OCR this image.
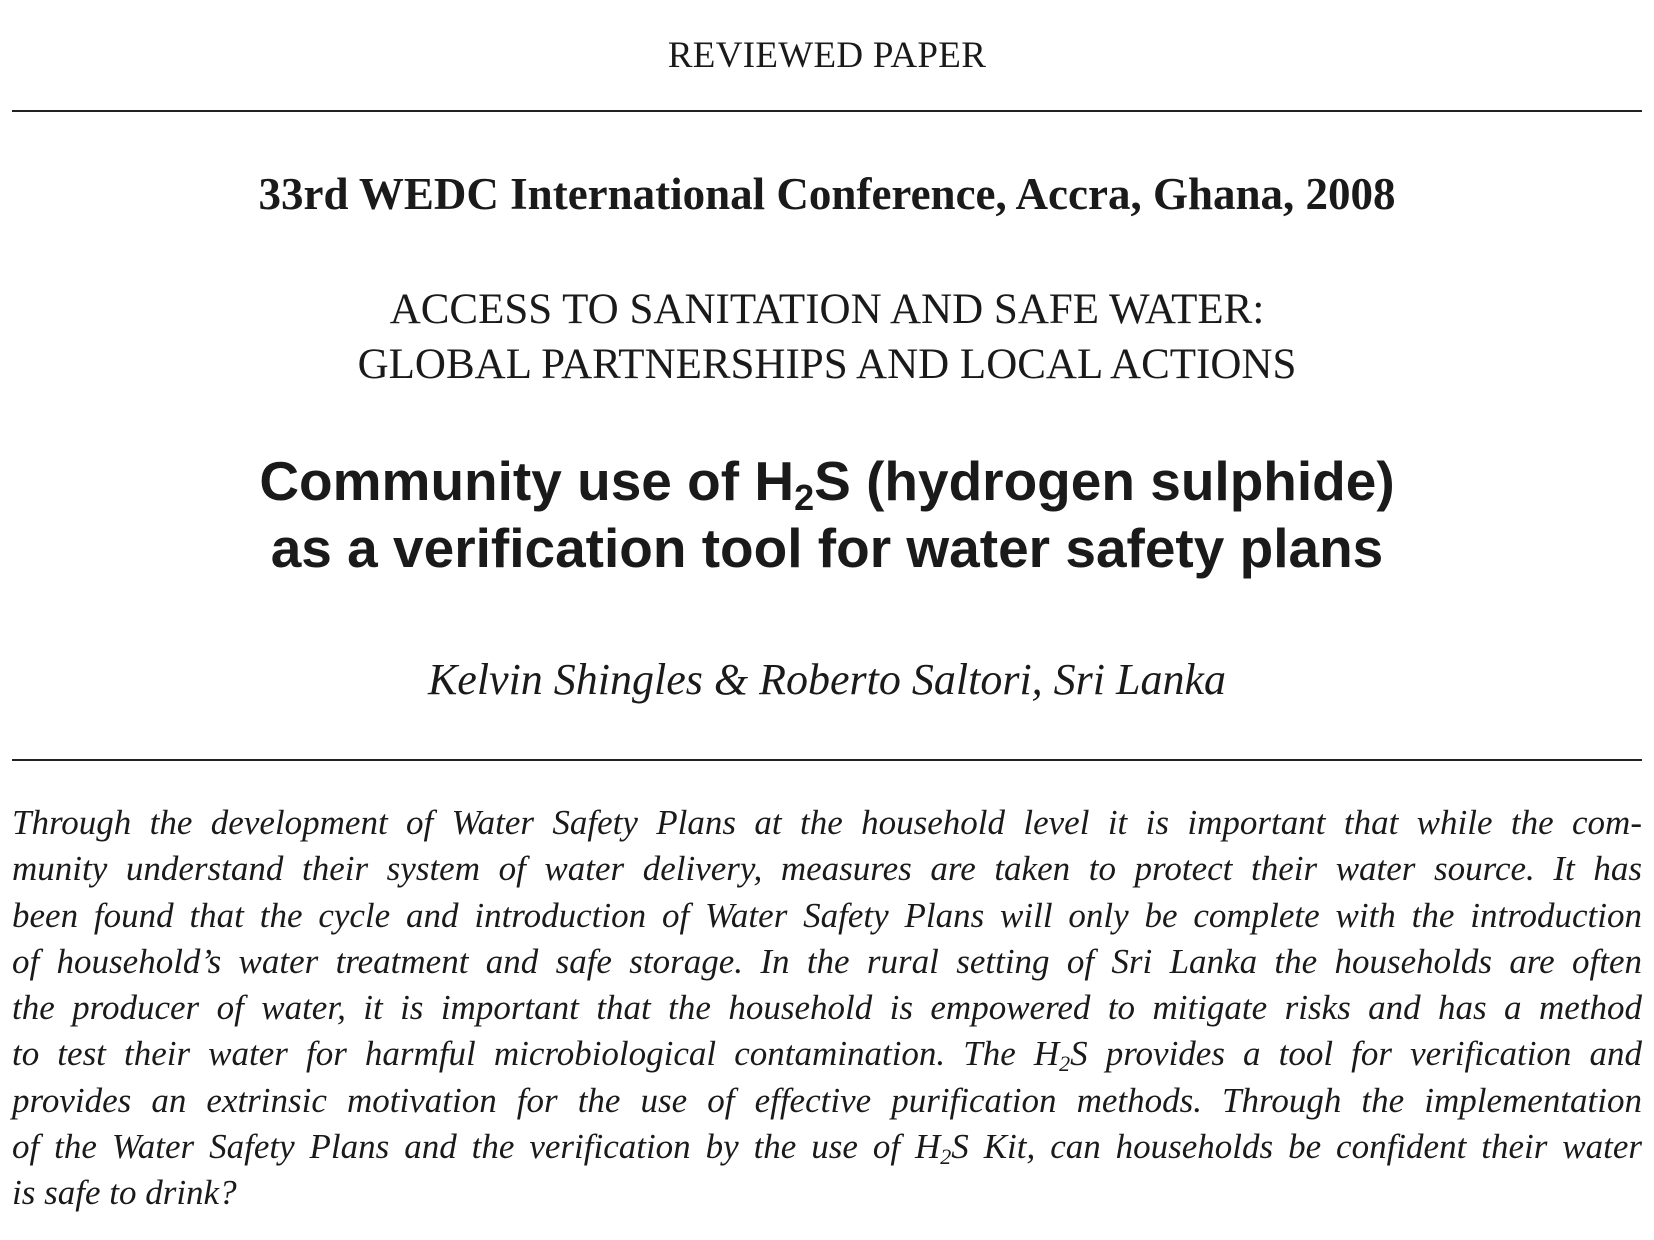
REVIEWED PAPER
33rd WEDC International Conference, Accra, Ghana, 2008
ACCESS TO SANITATION AND SAFE WATER:
GLOBAL PARTNERSHIPS AND LOCAL ACTIONS
Community use of $H_2S$ (hydrogen sulphide)
as a verification tool for water safety plans
Kelvin Shingles & Roberto Saltori, Sri Lanka
Through the development of Water Safety Plans at the household level it is important that while the com-
munity understand their system of water delivery, measures are taken to protect their water source. It has
been found that the cycle and introduction of Water Safety Plans will only be complete with the introduction
of household’s water treatment and safe storage. In the rural setting of Sri Lanka the households are often
the producer of water, it is important that the household is empowered to mitigate risks and has a method
to test their water for harmful microbiological contamination. The $H_2S$ provides a tool for verification and
provides an extrinsic motivation for the use of effective purification methods. Through the implementation
of the Water Safety Plans and the verification by the use of $H_2S$ Kit, can households be confident their water
is safe to drink?
